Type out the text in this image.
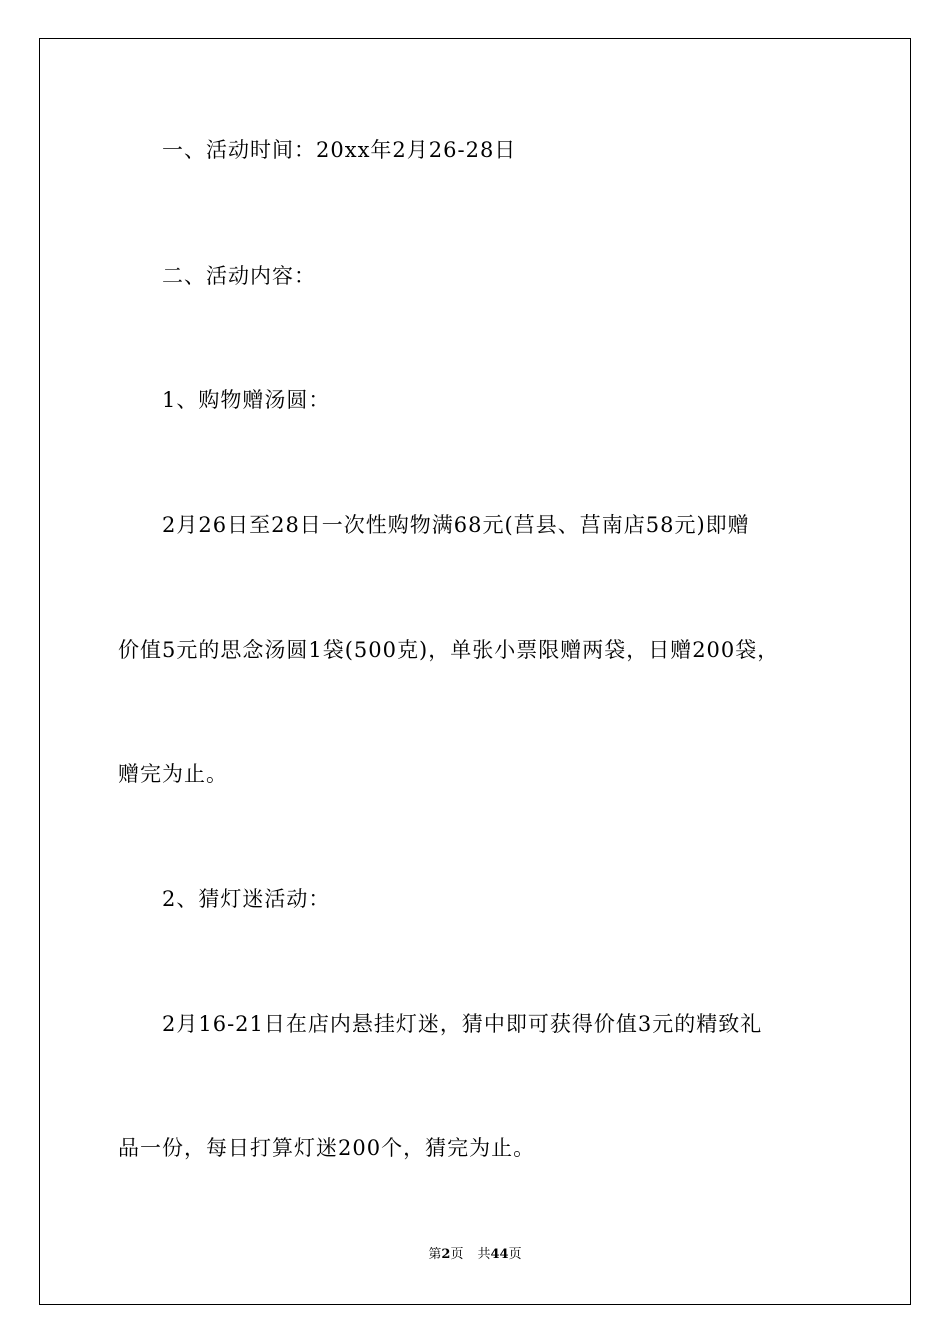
一、活动时间：20xx年2月26-28日
二、活动内容：
1、购物赠汤圆：
2月26日至28日一次性购物满68元(莒县、莒南店58元)即赠
价值5元的思念汤圆1袋(500克)，单张小票限赠两袋，日赠200袋，
赠完为止。
2、猜灯迷活动：
2月16-21日在店内悬挂灯迷，猜中即可获得价值3元的精致礼
品一份，每日打算灯迷200个，猜完为止。
第2页 共44页
